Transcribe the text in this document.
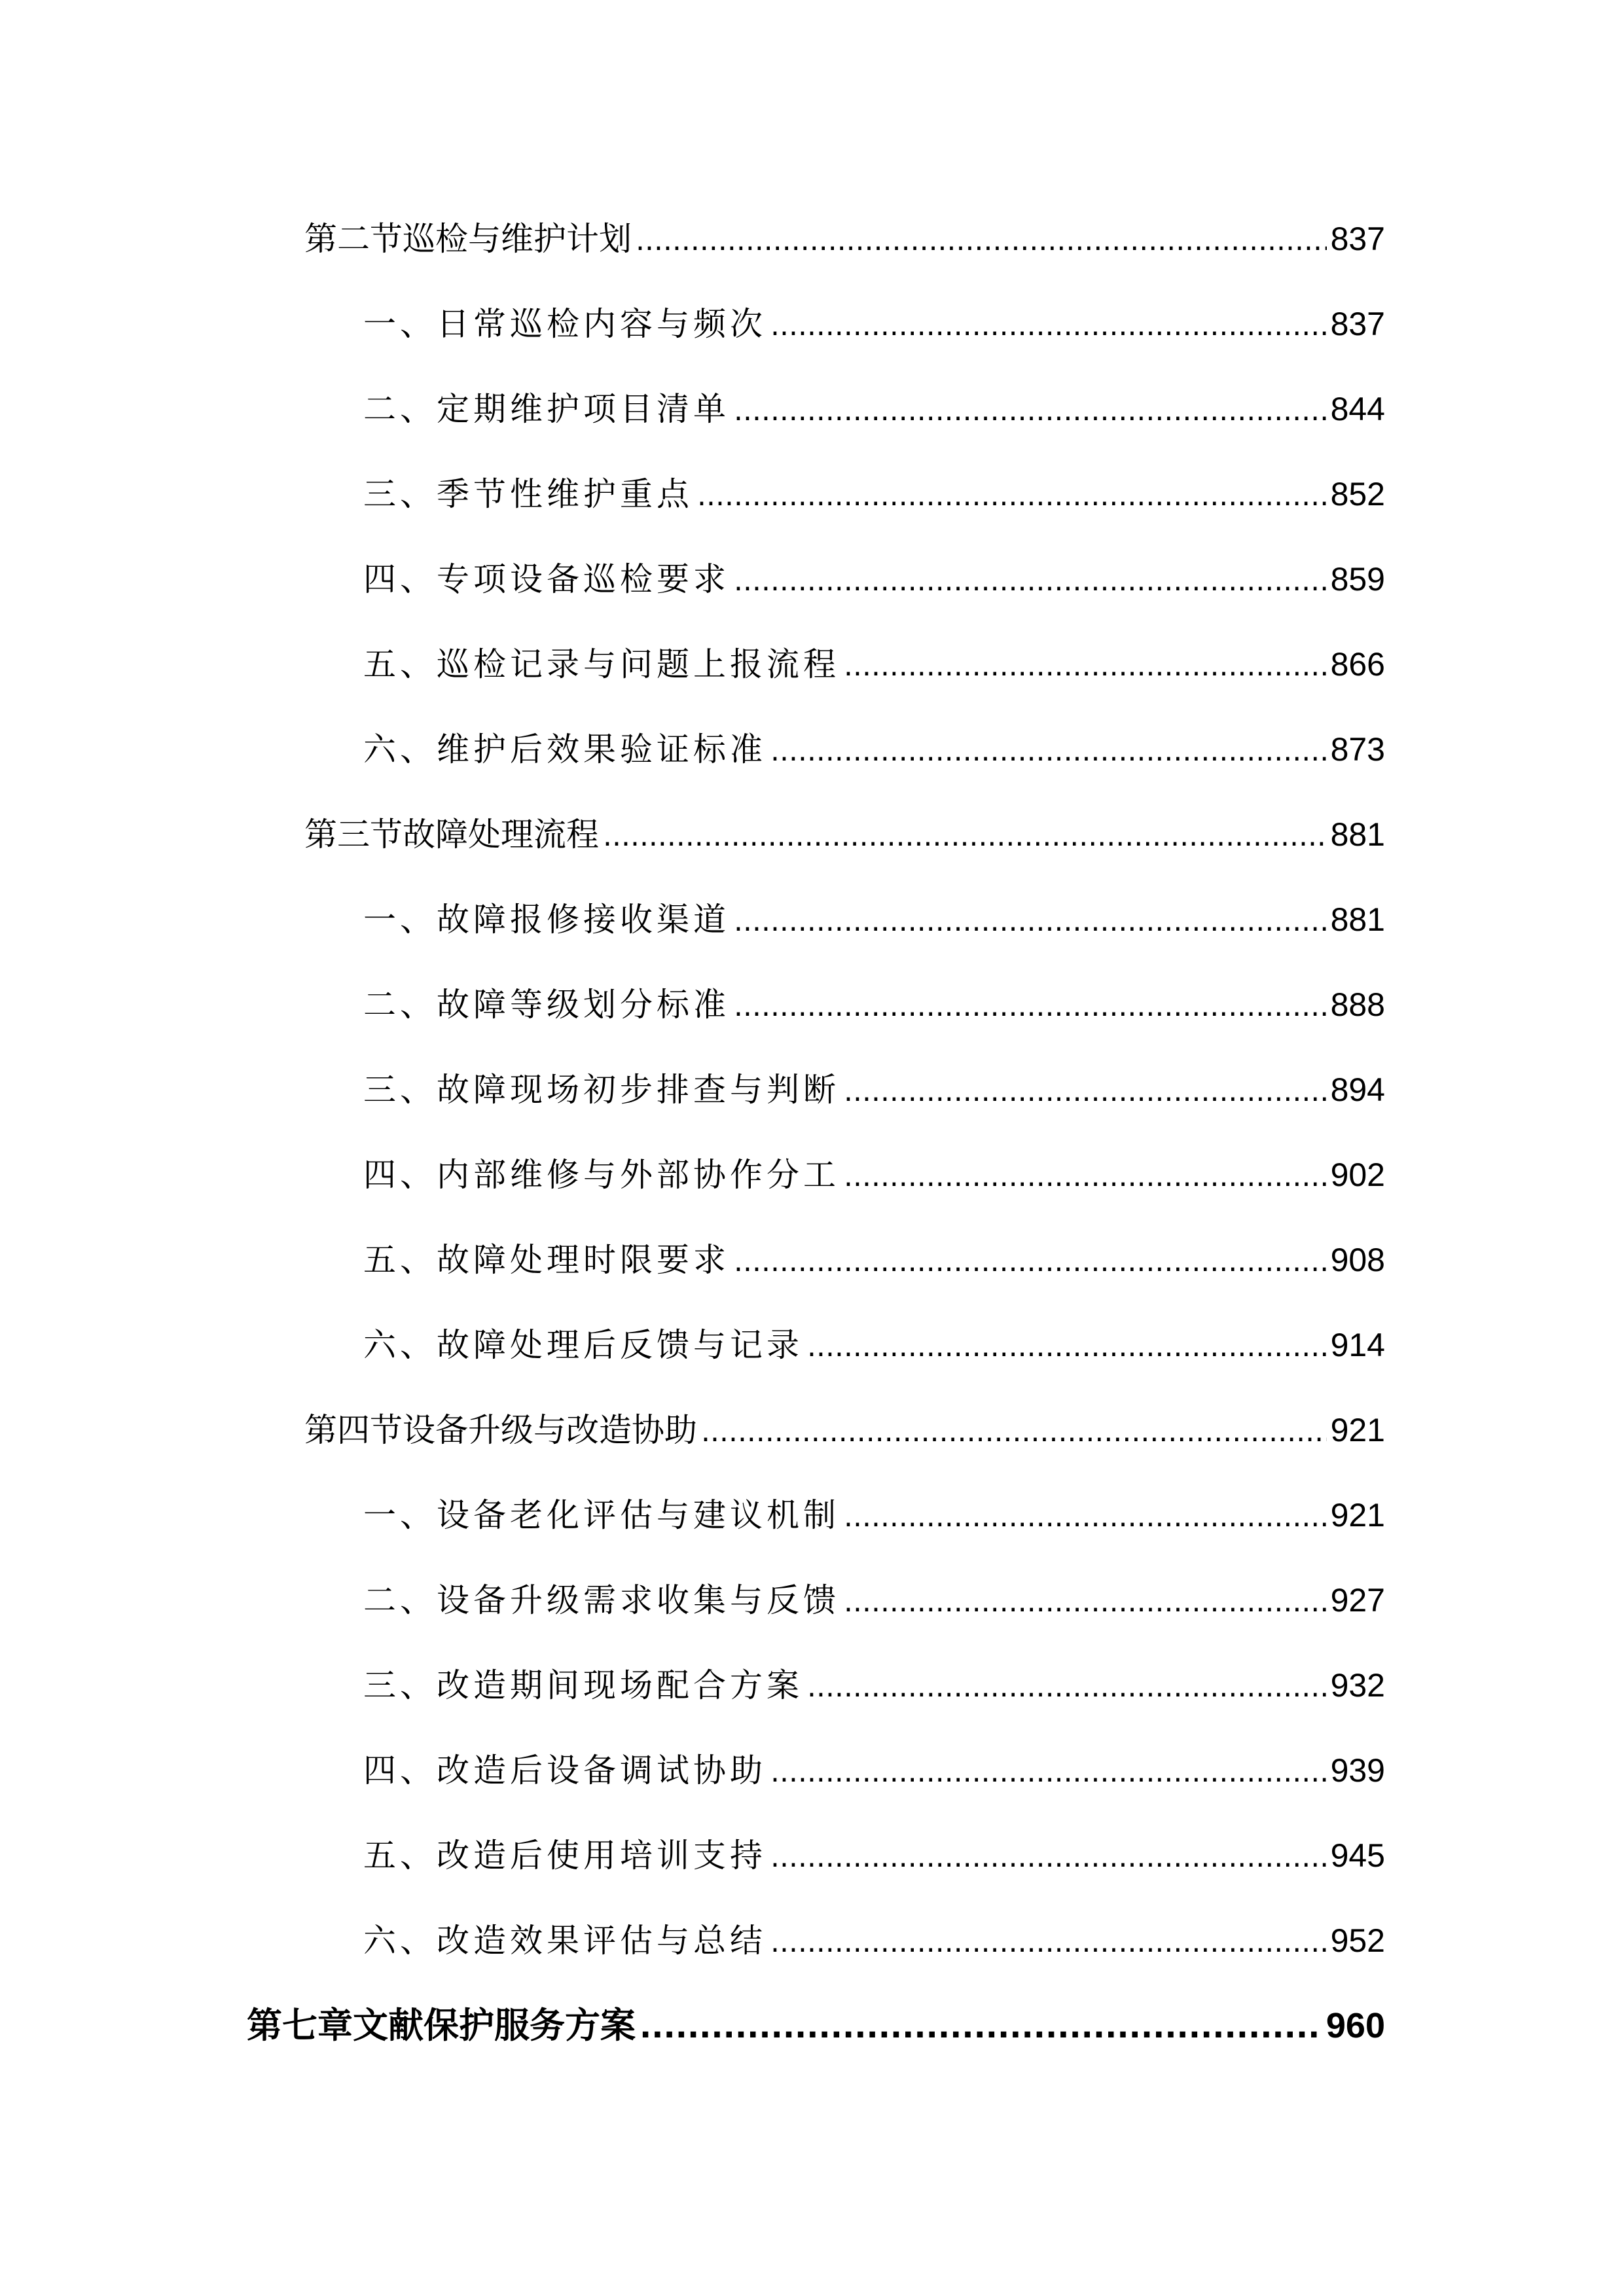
第二节巡检与维护计划 .....	837
一、日常巡检内容与频次 .....	837
二、定期维护项目清单 .....	844
三、季节性维护重点 .....	852
四、专项设备巡检要求 .....	859
五、巡检记录与问题上报流程 .....	866
六、维护后效果验证标准 .....	873
第三节故障处理流程 .....	881
一、故障报修接收渠道 .....	881
二、故障等级划分标准 .....	888
三、故障现场初步排查与判断 .....	894
四、内部维修与外部协作分工 .....	902
五、故障处理时限要求 .....	908
六、故障处理后反馈与记录 .....	914
第四节设备升级与改造协助 .....	921
一、设备老化评估与建议机制 .....	921
二、设备升级需求收集与反馈 .....	927
三、改造期间现场配合方案 .....	932
四、改造后设备调试协助 .....	939
五、改造后使用培训支持 .....	945
六、改造效果评估与总结 .....	952
第七章文献保护服务方案 .....	960
